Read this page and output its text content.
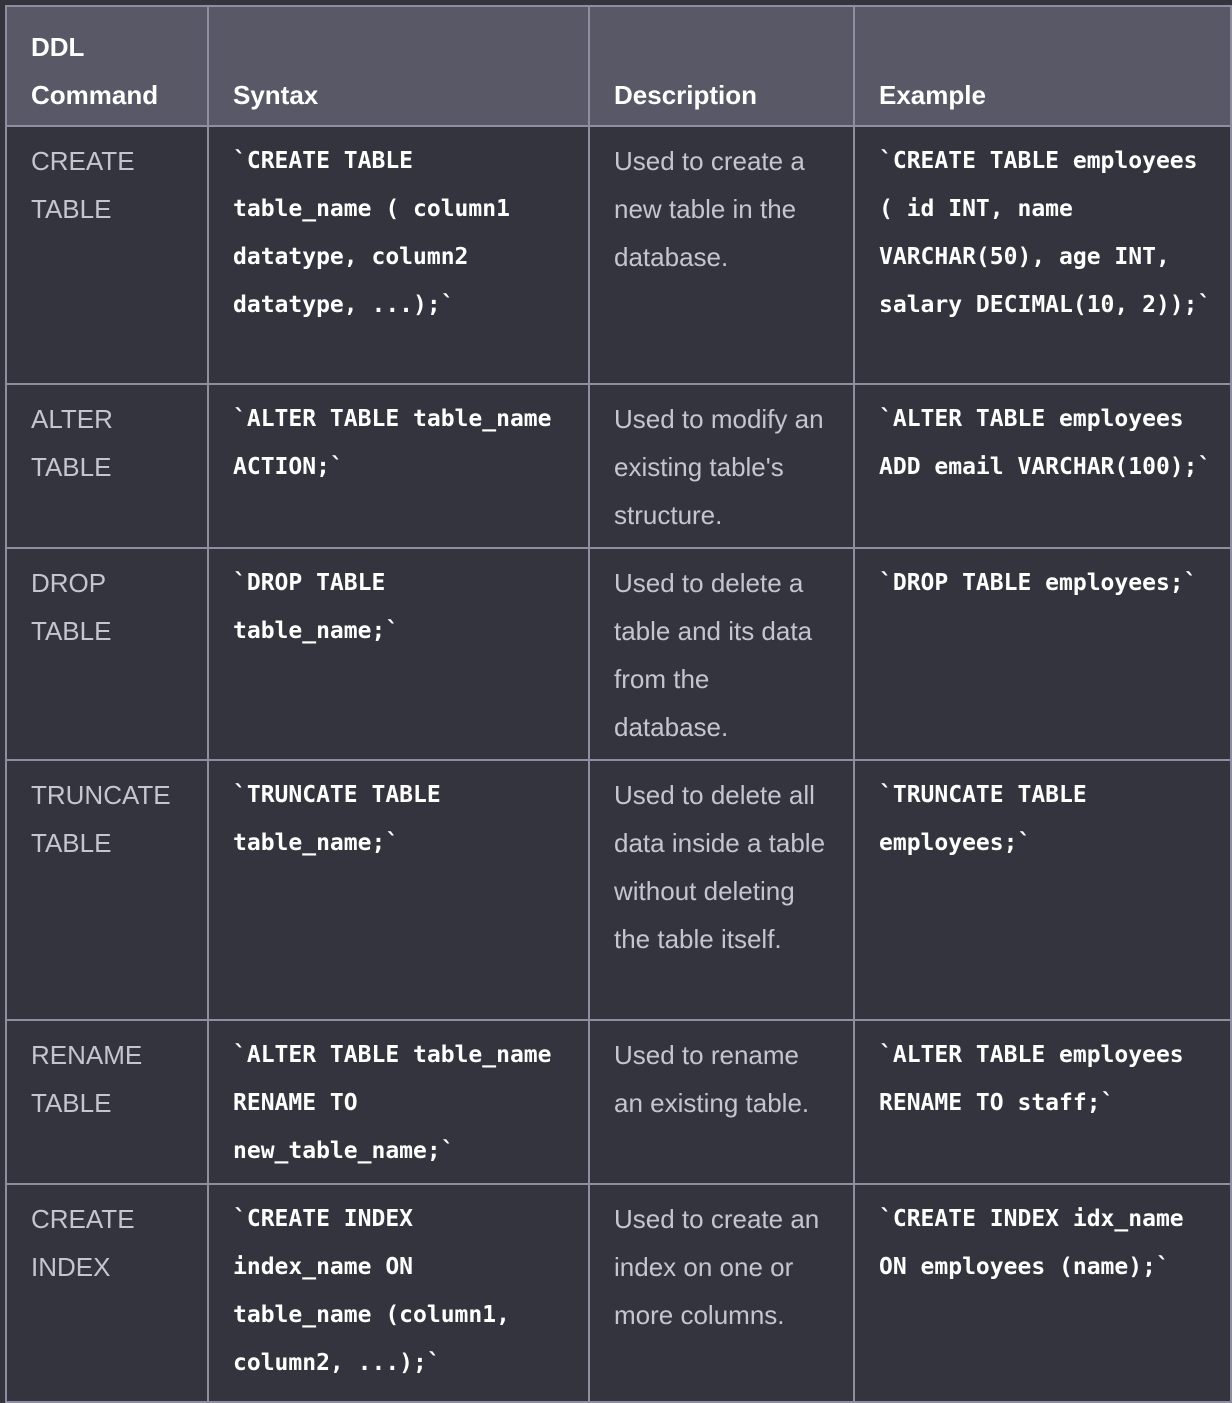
DDL Command	Syntax	Description	Example
CREATE TABLE	`CREATE TABLE table_name ( column1 datatype, column2 datatype, ...);`	Used to create a new table in the database.	`CREATE TABLE employees ( id INT, name VARCHAR(50), age INT, salary DECIMAL(10, 2));`
ALTER TABLE	`ALTER TABLE table_name ACTION;`	Used to modify an existing table's structure.	`ALTER TABLE employees ADD email VARCHAR(100);`
DROP TABLE	`DROP TABLE table_name;`	Used to delete a table and its data from the database.	`DROP TABLE employees;`
TRUNCATE TABLE	`TRUNCATE TABLE table_name;`	Used to delete all data inside a table without deleting the table itself.	`TRUNCATE TABLE employees;`
RENAME TABLE	`ALTER TABLE table_name RENAME TO new_table_name;`	Used to rename an existing table.	`ALTER TABLE employees RENAME TO staff;`
CREATE INDEX	`CREATE INDEX index_name ON table_name (column1, column2, ...);`	Used to create an index on one or more columns.	`CREATE INDEX idx_name ON employees (name);`
